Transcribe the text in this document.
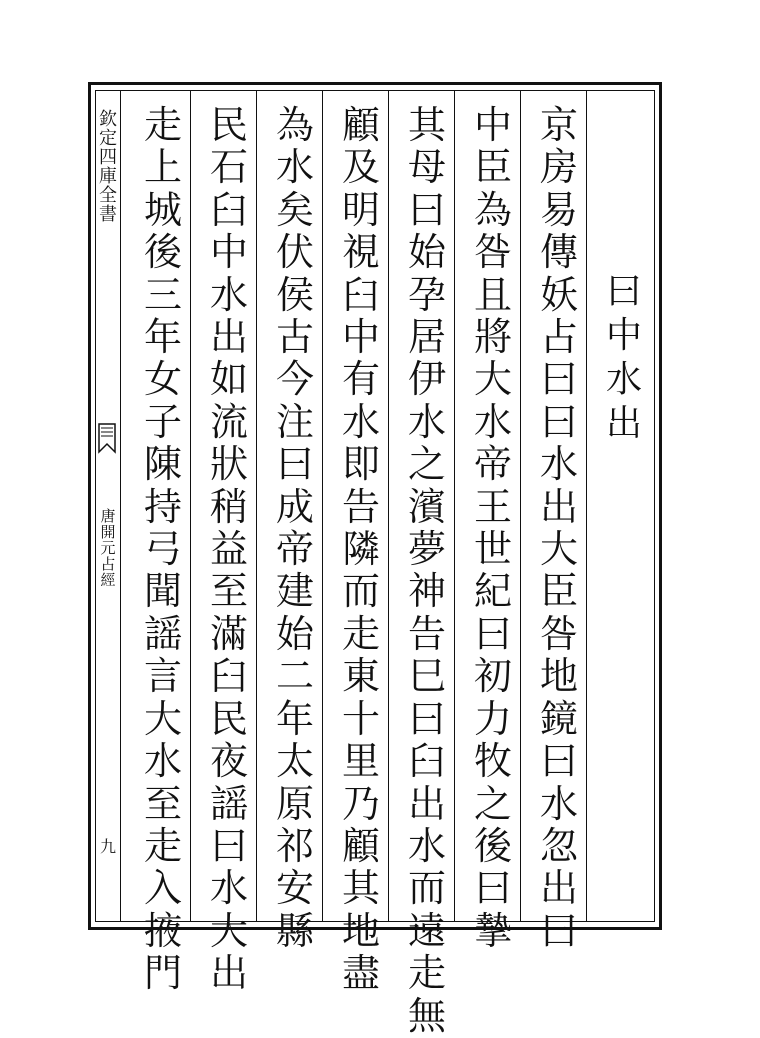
欽定四庫全書
唐開元占經
九
曰中水出
京房易傳妖占曰曰水出大臣咎　地鏡曰水忽出曰
中臣為咎且將大水　帝王世紀曰初力牧之後曰摯
其母曰始孕居伊水之濱夢神告巳曰臼出水而遠走無
顧及明視臼中有水即告隣而走東十里乃顧其地盡
為水矣　伏侯古今注曰成帝建始二年太原祁安縣
民石臼中水出如流狀稍益至滿臼民夜謡曰水大出
走上城後三年女子陳持弓聞謡言大水至走入掖門
